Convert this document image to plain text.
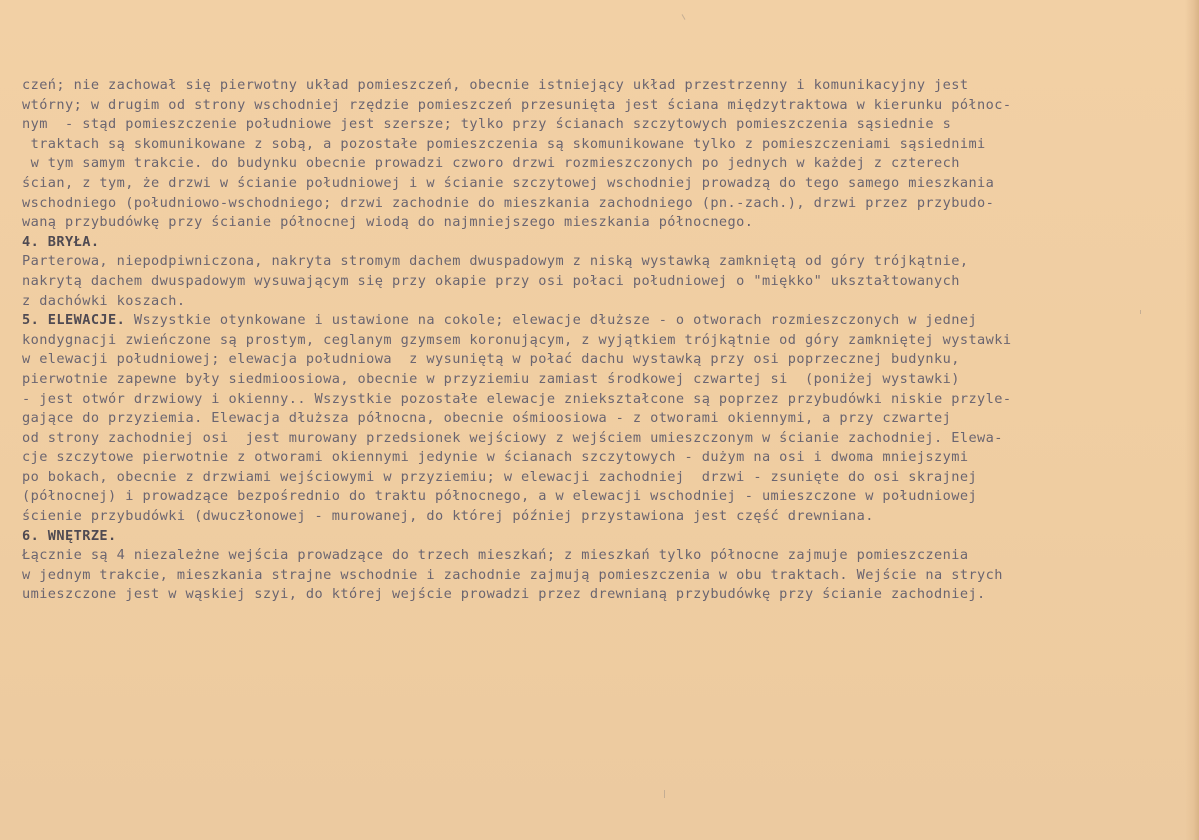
czeń; nie zachował się pierwotny układ pomieszczeń, obecnie istniejący układ przestrzenny i komunikacyjny jest
wtórny; w drugim od strony wschodniej rzędzie pomieszczeń przesunięta jest ściana międzytraktowa w kierunku północ-
nym  - stąd pomieszczenie południowe jest szersze; tylko przy ścianach szczytowych pomieszczenia sąsiednie s
traktach są skomunikowane z sobą, a pozostałe pomieszczenia są skomunikowane tylko z pomieszczeniami sąsiednimi
w tym samym trakcie. do budynku obecnie prowadzi czworo drzwi rozmieszczonych po jednych w każdej z czterech
ścian, z tym, że drzwi w ścianie południowej i w ścianie szczytowej wschodniej prowadzą do tego samego mieszkania
wschodniego (południowo-wschodniego; drzwi zachodnie do mieszkania zachodniego (pn.-zach.), drzwi przez przybudo-
waną przybudówkę przy ścianie północnej wiodą do najmniejszego mieszkania północnego.
4. BRYŁA.
Parterowa, niepodpiwniczona, nakryta stromym dachem dwuspadowym z niską wystawką zamkniętą od góry trójkątnie,
nakrytą dachem dwuspadowym wysuwającym się przy okapie przy osi połaci południowej o "miękko" ukształtowanych
z dachówki koszach.
5. ELEWACJE. Wszystkie otynkowane i ustawione na cokole; elewacje dłuższe - o otworach rozmieszczonych w jednej
kondygnacji zwieńczone są prostym, ceglanym gzymsem koronującym, z wyjątkiem trójkątnie od góry zamkniętej wystawki
w elewacji południowej; elewacja południowa  z wysuniętą w połać dachu wystawką przy osi poprzecznej budynku,
pierwotnie zapewne były siedmioosiowa, obecnie w przyziemiu zamiast środkowej czwartej si  (poniżej wystawki)
- jest otwór drzwiowy i okienny.. Wszystkie pozostałe elewacje zniekształcone są poprzez przybudówki niskie przyle-
gające do przyziemia. Elewacja dłuższa północna, obecnie ośmioosiowa - z otworami okiennymi, a przy czwartej
od strony zachodniej osi  jest murowany przedsionek wejściowy z wejściem umieszczonym w ścianie zachodniej. Elewa-
cje szczytowe pierwotnie z otworami okiennymi jedynie w ścianach szczytowych - dużym na osi i dwoma mniejszymi
po bokach, obecnie z drzwiami wejściowymi w przyziemiu; w elewacji zachodniej  drzwi - zsunięte do osi skrajnej
(północnej) i prowadzące bezpośrednio do traktu północnego, a w elewacji wschodniej - umieszczone w południowej
ścienie przybudówki (dwuczłonowej - murowanej, do której później przystawiona jest część drewniana.
6. WNĘTRZE.
Łącznie są 4 niezależne wejścia prowadzące do trzech mieszkań; z mieszkań tylko północne zajmuje pomieszczenia
w jednym trakcie, mieszkania strajne wschodnie i zachodnie zajmują pomieszczenia w obu traktach. Wejście na strych
umieszczone jest w wąskiej szyi, do której wejście prowadzi przez drewnianą przybudówkę przy ścianie zachodniej.
